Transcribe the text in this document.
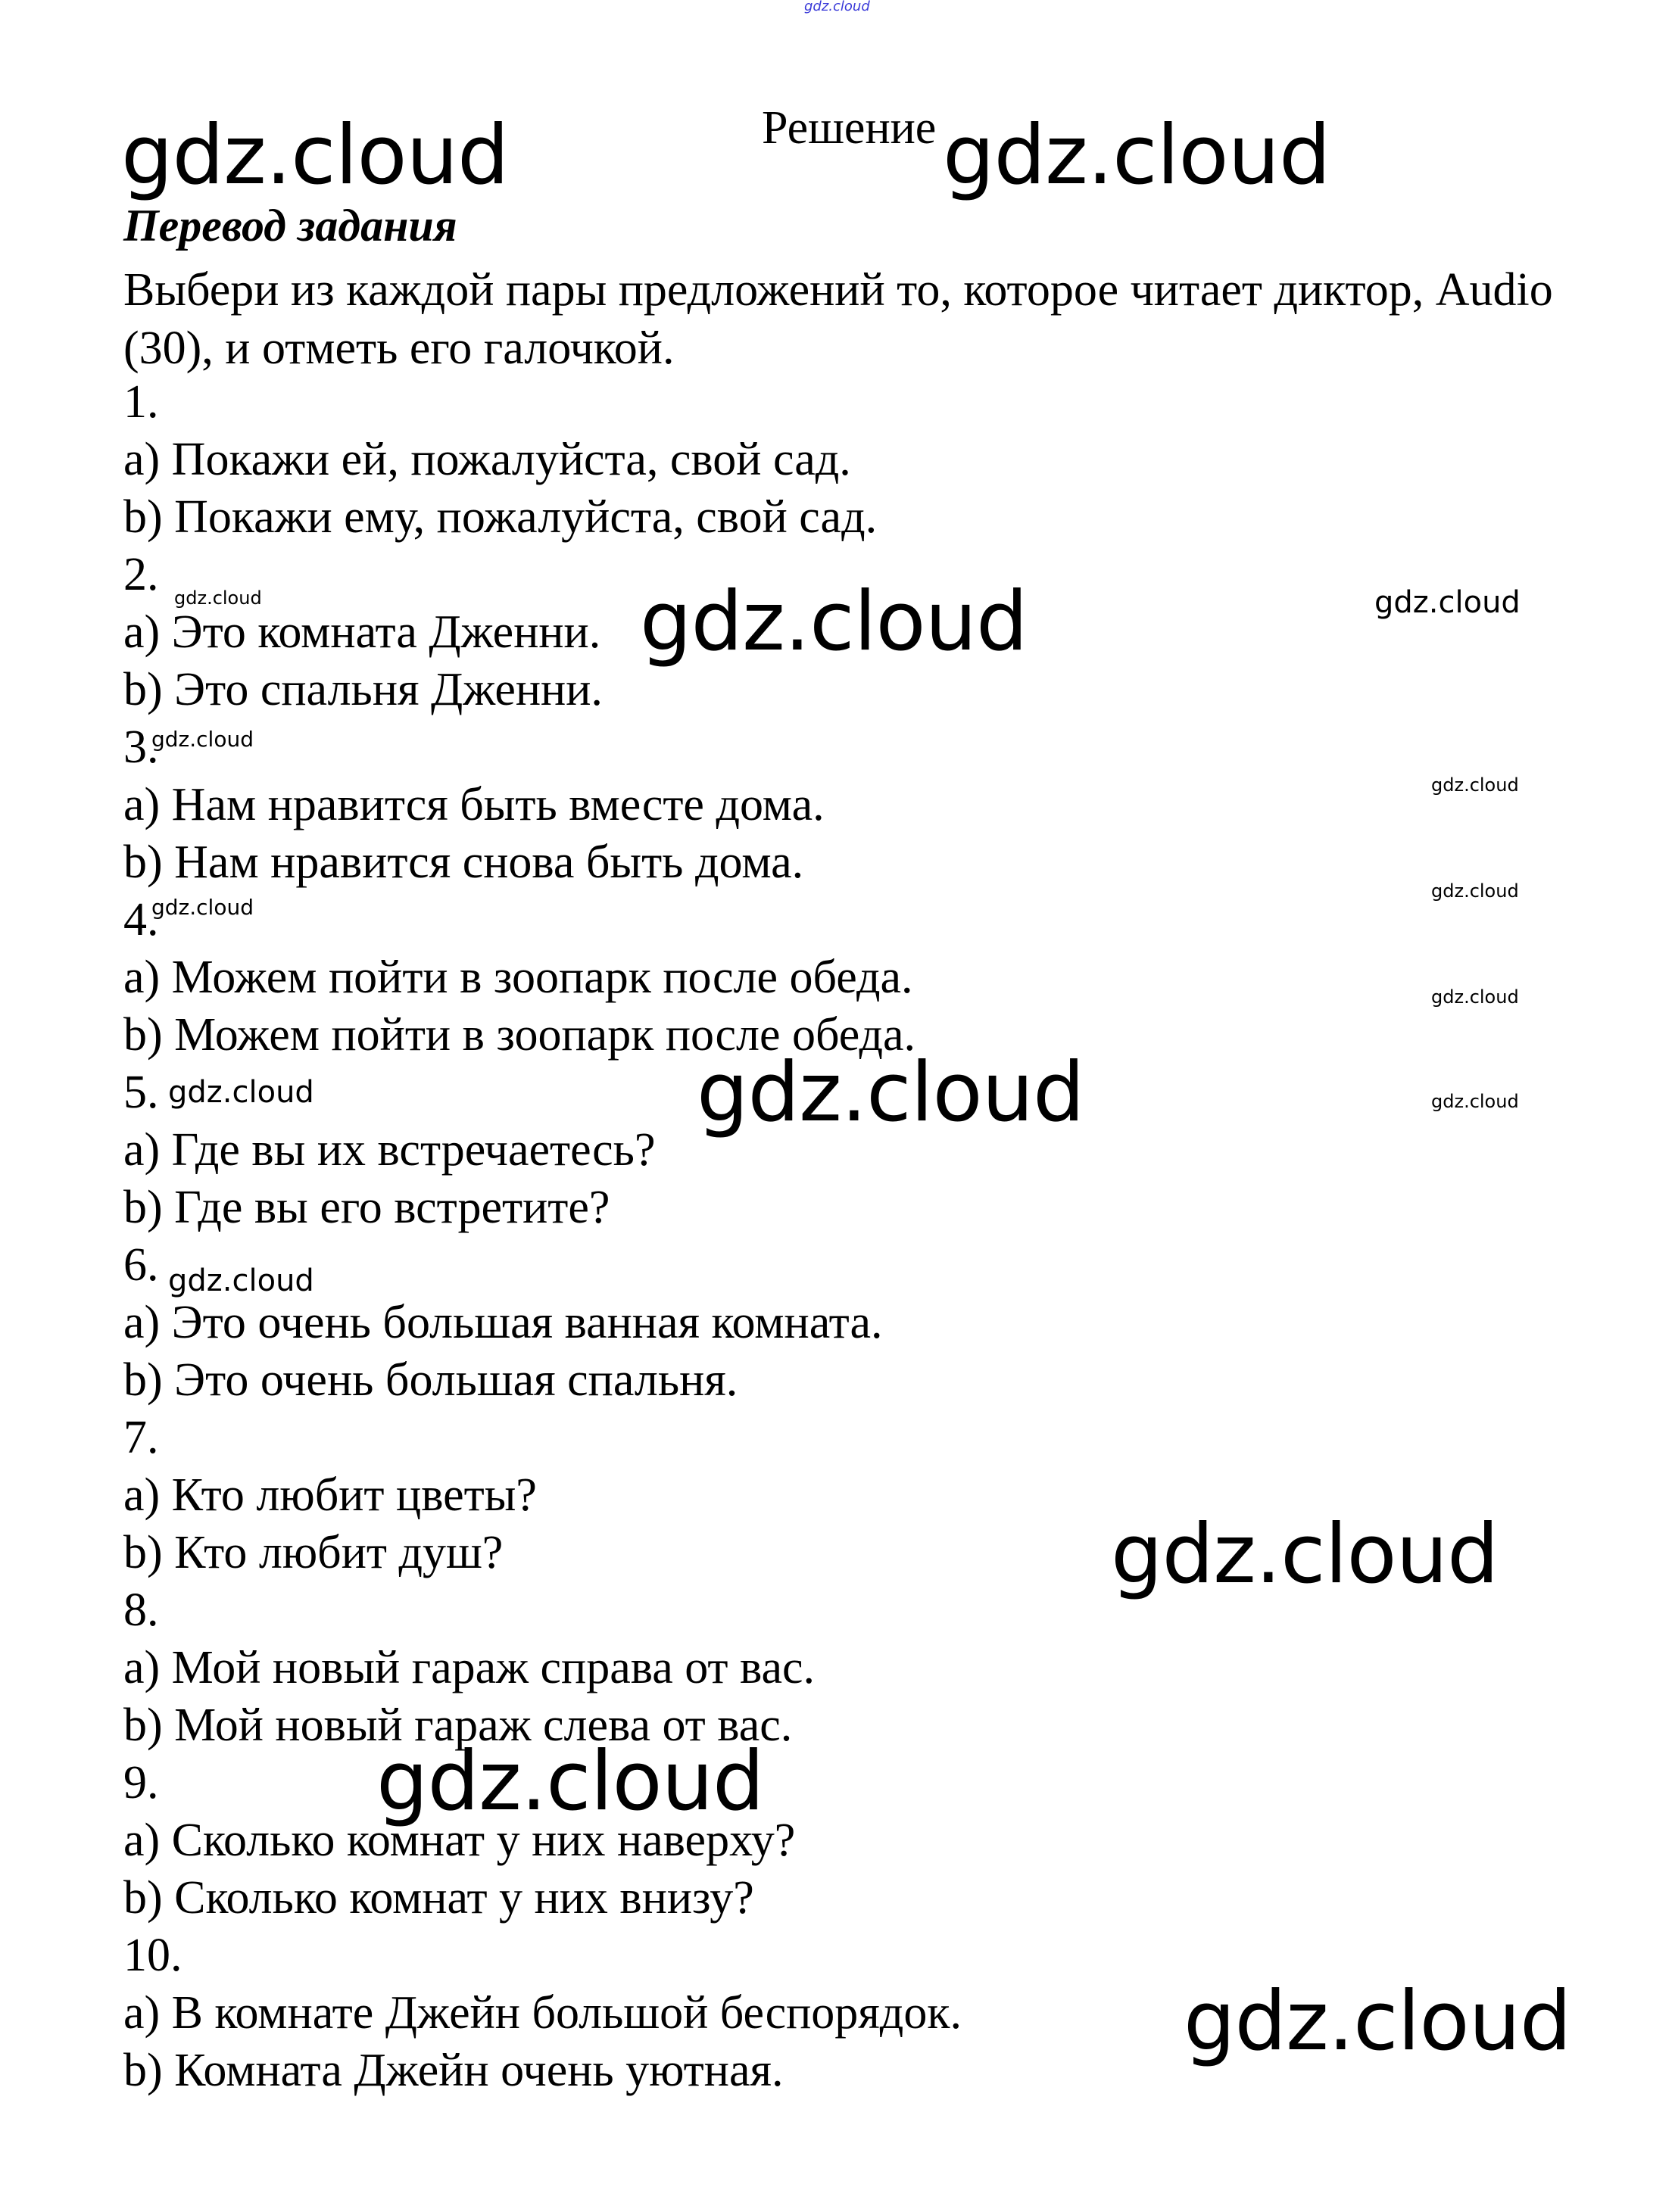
gdz.cloud
gdz.cloud	gdz.cloud
gdz.cloud	gdz.cloud	gdz.cloud
gdz.cloud
gdz.cloud
gdz.cloud
gdz.cloud
gdz.cloud
gdz.cloud	gdz.cloud	gdz.cloud
gdz.cloud
gdz.cloud
gdz.cloud
gdz.cloud
Решение
Перевод задания
Выбери из каждой пары предложений то, которое читает диктор, Audio (30), и отметь его галочкой.
1.
a) Покажи ей, пожалуйста, свой сад.
b) Покажи ему, пожалуйста, свой сад.
2.
a) Это комната Дженни.
b) Это спальня Дженни.
3.
a) Нам нравится быть вместе дома.
b) Нам нравится снова быть дома.
4.
a) Можем пойти в зоопарк после обеда.
b) Можем пойти в зоопарк после обеда.
5.
a) Где вы их встречаетесь?
b) Где вы его встретите?
6.
a) Это очень большая ванная комната.
b) Это очень большая спальня.
7.
a) Кто любит цветы?
b) Кто любит душ?
8.
a) Мой новый гараж справа от вас.
b) Мой новый гараж слева от вас.
9.
a) Сколько комнат у них наверху?
b) Сколько комнат у них внизу?
10.
a) В комнате Джейн большой беспорядок.
b) Комната Джейн очень уютная.
